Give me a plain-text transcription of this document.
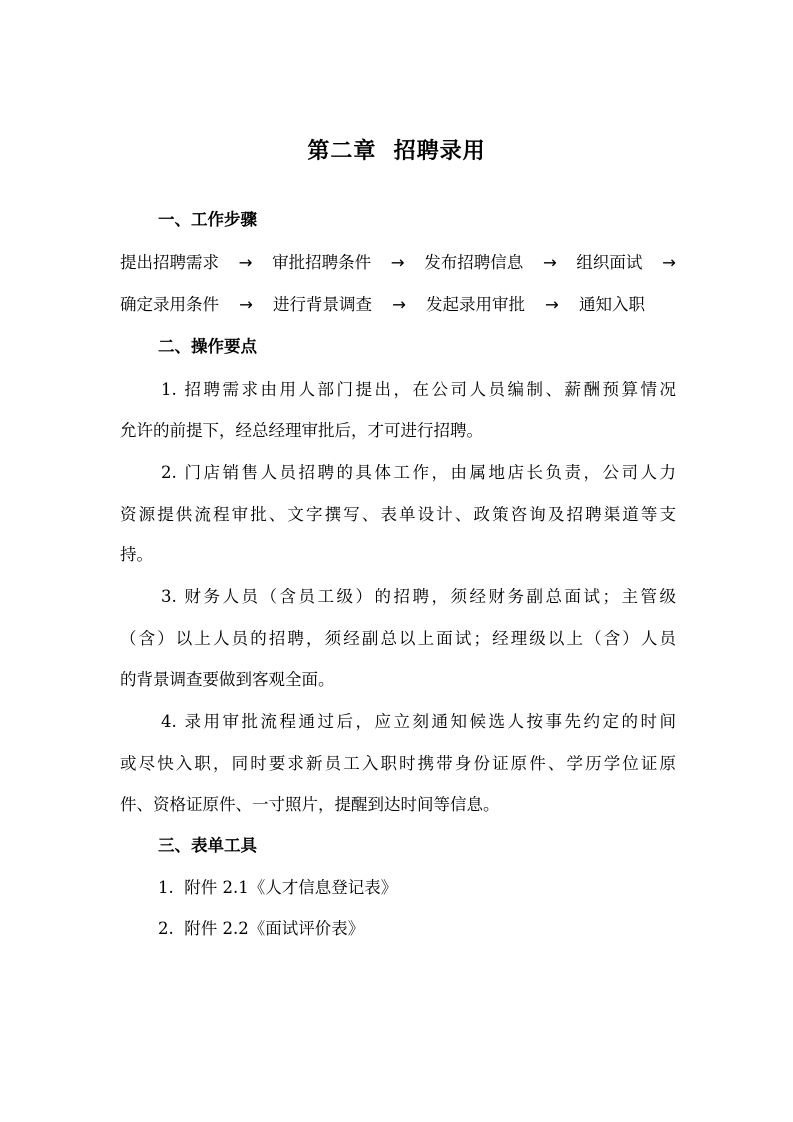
第二章  招聘录用
一、工作步骤
提出招聘需求 → 审批招聘条件 → 发布招聘信息 → 组织面试 →
确定录用条件 → 进行背景调查 → 发起录用审批 → 通知入职
二、操作要点
1. 招聘需求由用人部门提出，在公司人员编制、薪酬预算情况
允许的前提下，经总经理审批后，才可进行招聘。
2. 门店销售人员招聘的具体工作，由属地店长负责，公司人力
资源提供流程审批、文字撰写、表单设计、政策咨询及招聘渠道等支
持。
3. 财务人员（含员工级）的招聘，须经财务副总面试；主管级
（含）以上人员的招聘，须经副总以上面试；经理级以上（含）人员
的背景调查要做到客观全面。
4. 录用审批流程通过后，应立刻通知候选人按事先约定的时间
或尽快入职，同时要求新员工入职时携带身份证原件、学历学位证原
件、资格证原件、一寸照片，提醒到达时间等信息。
三、表单工具
1.  附件 2.1《人才信息登记表》
2.  附件 2.2《面试评价表》
